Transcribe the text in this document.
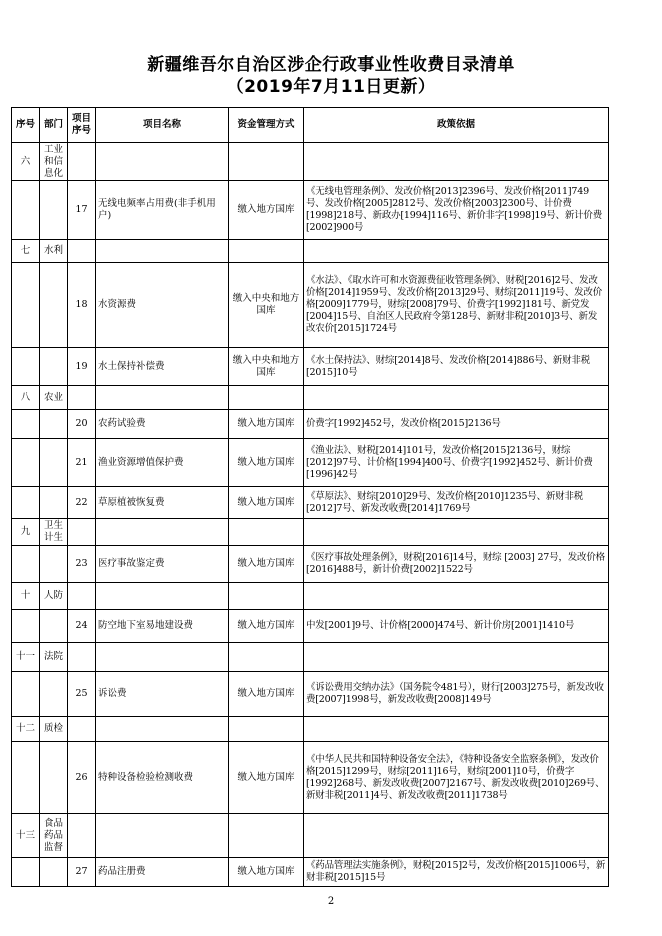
新疆维吾尔自治区涉企行政事业性收费目录清单
（2019年7月11日更新）
序号	部门	项目序号	项目名称	资金管理方式	政策依据
六	工业和信息化				
		17	无线电频率占用费(非手机用户)	缴入地方国库	《无线电管理条例》、发改价格[2013]2396号、发改价格[2011]749号、发改价格[2005]2812号、发改价格[2003]2300号、计价费[1998]218号、新政办[1994]116号、新价非字[1998]19号、新计价费[2002]900号
七	水利				
		18	水资源费	缴入中央和地方国库	《水法》、《取水许可和水资源费征收管理条例》、财税[2016]2号、发改价格[2014]1959号、发改价格[2013]29号、财综[2011]19号、发改价格[2009]1779号，财综[2008]79号、价费字[1992]181号、新党发[2004]15号、自治区人民政府令第128号、新财非税[2010]3号、新发改农价[2015]1724号
		19	水土保持补偿费	缴入中央和地方国库	《水土保持法》、财综[2014]8号、发改价格[2014]886号、新财非税[2015]10号
八	农业				
		20	农药试验费	缴入地方国库	价费字[1992]452号，发改价格[2015]2136号
		21	渔业资源增值保护费	缴入地方国库	《渔业法》、财税[2014]101号，发改价格[2015]2136号，财综[2012]97号、计价格[1994]400号、价费字[1992]452号、新计价费[1996]42号
		22	草原植被恢复费	缴入地方国库	《草原法》、财综[2010]29号、发改价格[2010]1235号、新财非税[2012]7号、新发改收费[2014]1769号
九	卫生计生				
		23	医疗事故鉴定费	缴入地方国库	《医疗事故处理条例》，财税[2016]14号，财综 [2003] 27号，发改价格[2016]488号，新计价费[2002]1522号
十	人防				
		24	防空地下室易地建设费	缴入地方国库	中发[2001]9号、计价格[2000]474号、新计价房[2001]1410号
十一	法院				
		25	诉讼费	缴入地方国库	《诉讼费用交纳办法》（国务院令481号），财行[2003]275号，新发改收费[2007]1998号，新发改收费[2008]149号
十二	质检				
		26	特种设备检验检测收费	缴入地方国库	《中华人民共和国特种设备安全法》，《特种设备安全监察条例》，发改价格[2015]1299号，财综[2011]16号，财综[2001]10号，价费字[1992]268号、新发改收费[2007]2167号、新发改收费[2010]269号、新财非税[2011]4号、新发改收费[2011]1738号
十三	食品药品监督				
		27	药品注册费	缴入地方国库	《药品管理法实施条例》，财税[2015]2号，发改价格[2015]1006号，新财非税[2015]15号
2
